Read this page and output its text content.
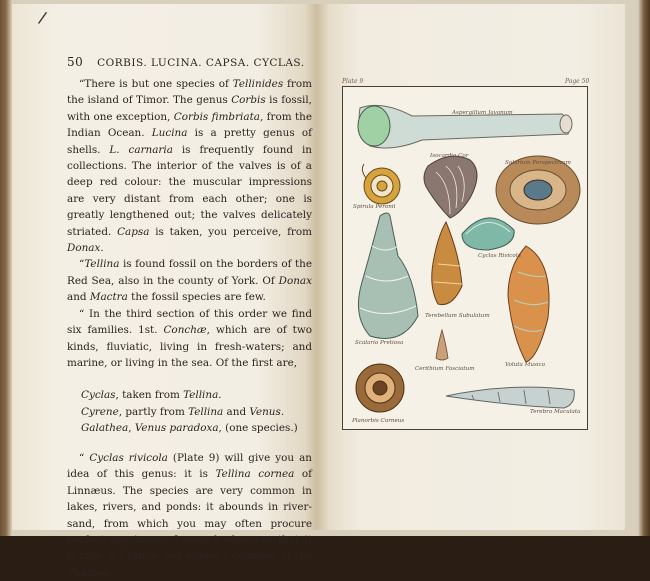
/
50 CORBIS. LUCINA. CAPSA. CYCLAS.

“There is but one species of Tellinides from the island of Timor. The genus Corbis is fossil, with one exception, Corbis fimbriata, from the Indian Ocean. Lucina is a pretty genus of shells. L. carnaria is frequently found in collections. The interior of the valves is of a deep red colour: the muscular impressions are very distant from each other; one is greatly lengthened out; the valves delicately striated. Capsa is taken, you perceive, from Donax.

“Tellina is found fossil on the borders of the Red Sea, also in the county of York. Of Donax and Mactra the fossil species are few.

“ In the third section of this order we find six families. 1st. Conchæ, which are of two kinds, fluviatic, living in fresh-waters; and marine, or living in the sea. Of the first are,

Cyclas, taken from Tellina.
Cyrene, partly from Tellina and Venus.
Galathea, Venus paradoxa, (one species.)

“ Cyclas rivicola (Plate 9) will give you an idea of this genus: it is Tellina cornea of Linnæus. The species are very common in lakes, rivers, and ponds: it abounds in river-sand, from which you may often procure perfect specimens. Lamarck observes that it is rare in France; but appears common in the Thames.

Plate 9	Page 50
Aspergillum Javanum
Isocardia Cor
Solarium Perspectivum
Spirula Peronii
Cyclas Rivicola
Scalaria Pretiosa
Terebellum Subulatum
Voluta Musica
Cerithium Fasciatum
Planorbis Corneus
Terebra Maculata
